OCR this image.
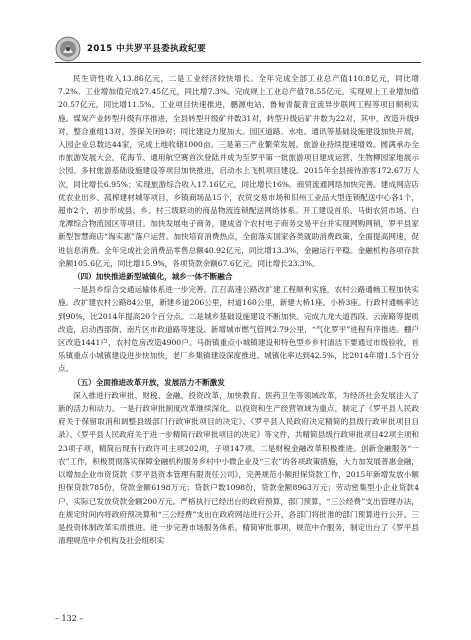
2015 中共罗平县委执政纪要

民生资性收入13.86亿元，二是工业经济较快增长。全年完成全部工业总产值110.8亿元，同比增7.2%。工业增加值完成27.45亿元，同比增7.3%。完成规上工业总产值78.55亿元，实现规上工业增加值20.57亿元，同比增11.5%。工业项目快速推进，鹏源电站、鲁甸青靛青宜流异步联网工程等项目顺利实施。煤炭产业转型升级有序推进，全县转型升级矿井数31对，转型升级后矿井数为22对，其中，改造升级9对，整合重组13对，签保关闭9对；同比建设力度加大。园区道路、水电、通讯等基础设施建设加快开展，入园企业总数达44家，完成上地收储1000亩。三是第三产业繁荣发展。旅游业持续提速增效。圆满承办全市旅游发展大会，花海节、通用航空赛首次登陆并成为至罗平第一批旅游项目建成运营，生物柳园家地展示公园、多村旅游基础设施建设等项目加快推进，启动水上飞机项目建设。2015年全县接待游客172.67万人次，同比增长6.95%；实现旅游综合收入17.16亿元，同比增长16%。商贸流通网络加快完善。建成网店店优农业出乡、菰榨建材城等项目，乡镇商场品15个，农贸交易市场和旧州工业品大型连锁配送中心各1个，超市2个，初步形成县、乡、村三级联动的商品物流连锁配送网络体系。开工建设首乐、马街农贸市场。白龙潭综合物流园区等项目。加快发展电子商务，建成省个农村电子商务交易平台并实现网购网销，罗平县家新型智慧商店“淘实惠”落户运营。加快培育消费热点，全面落实国家各类就助消费政策，全面提高网速，促进信息消费。全年完成社会消费品零售总额40.92亿元，同比增13.3%，金融运行平稳。金融机构各项存款余额105.6亿元，同比增15.9%，各项贷款余额67.6亿元，同比增长23.3%。

（四）加快推进新型城镇化，城乡一体不断融合

一是县乡综合交通运输体系进一步完善。江召高速公路改扩建工程顺利实施，农村公路通畅工程加快实施。改扩建农村公路84公里，新建乡道206公里，村道160公里，新建大桥1座、小桥3座。行政村通畅率达到90%，比2014年提高20个百分点。二是城乡基础设施建设不断加快。完成九龙大道西段、云南路等提质改造，启动西部街、南片区市政道路等建设。新增城市燃气管网2.79公里，“气化罗平”进程有序推进。棚户区改造1441户，农村危房改造4900户。马街镇重点小城镇建设和特色型乡乡村清洁下要通过市级验收，首乐镇重点小城镇建设进步快加快，老厂乡集镇建设深度推进。城镇化率达到42.5%，比2014年增1.5个百分点。

（五）全面推进改革开放，发展活力不断激发

深入推进行政审批、财税、金融、投资改革，加快教育、医药卫生等领域改革，为经济社会发展注入了新的活力和动力。一是行政审批制度改革继续深化。以投资和生产经营领域为重点，制定了《罗平县人民政府关于保留取消和调整县级部门行政审批项目的决定》、《罗平县人民政府决定精简的县级行政审批项目目录》、《罗平县人民政府关于进一步精简行政审批项目的决定》等文件，共精简县级行政审批项目42项主项和23项子项，精简后现有行政许可主项202项，子项147项。二是财税金融改革积极推进。创新金融服务“一农”工作，积极贯彻落实保障金融机构服务乡村中小微企业及“三农”的各项政策措施，大力加发展普惠金融，以增加企业市资贷款《罗平县资本管理有限责任公司》，完善规范小额担保贷款工作，2015年新增发放小额担保贷款785份，贷款金额6198万元；贷款户数1098份，贷款金额8963万元；劳动密集型小企业贷款4户，实际已发放贷款金额200万元。严格执行已经出台的政府预算，部门预算，“三公经费”支出管理办法，在规定时间内将政府预决算和“三公经费”支出在政府网站进行公开，各部门将批准的部门预算进行公开。三是投资体制改革实质推进。进一步完善市场服务体系，精简审批事项，规范中介服务，制定出台了《罗平县清理规范中介机构及社会组织实

– 132 –
